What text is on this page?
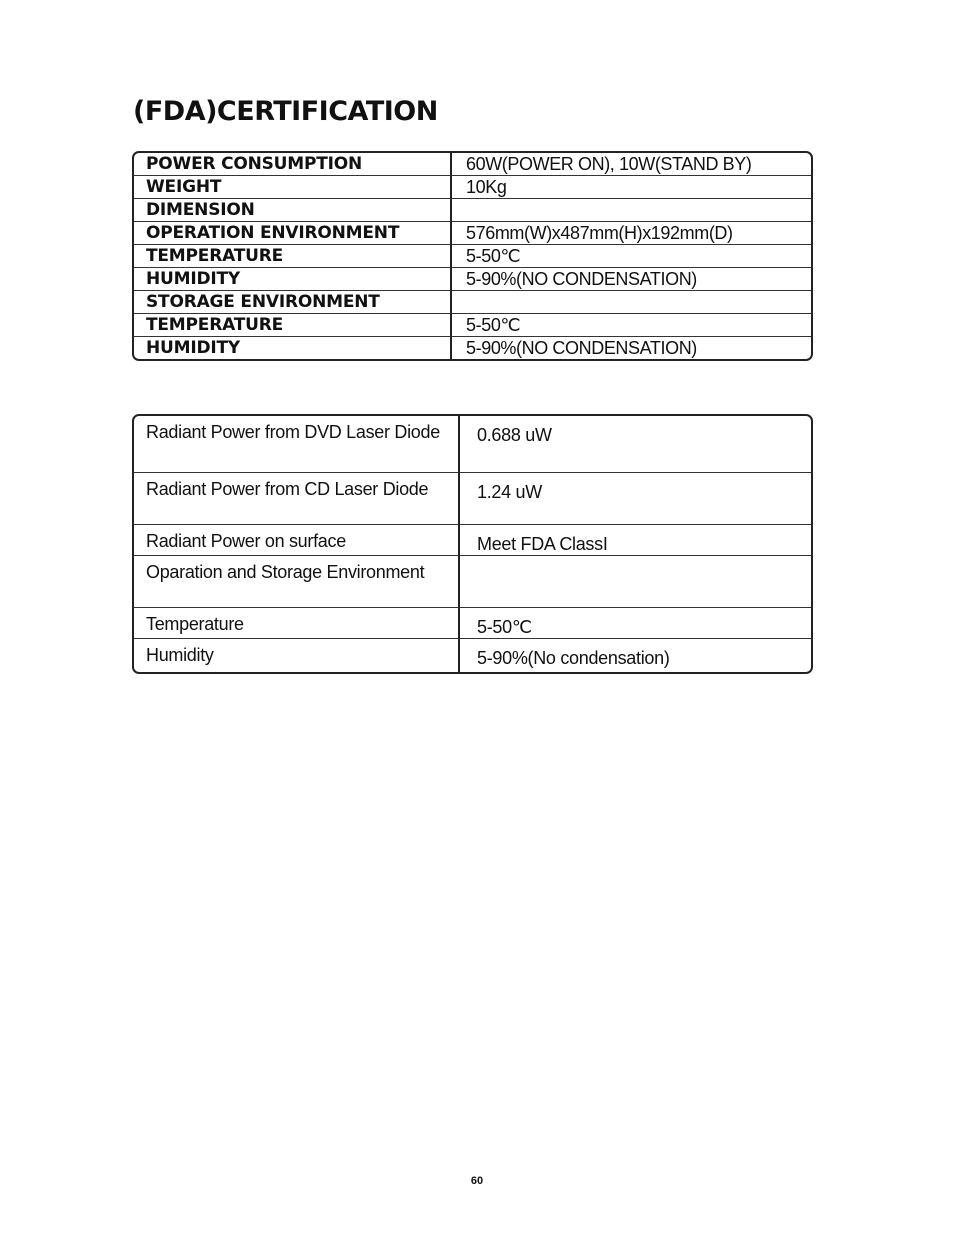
(FDA)CERTIFICATION
POWER CONSUMPTION	60W(POWER ON), 10W(STAND BY)
WEIGHT	10Kg
DIMENSION	
OPERATION ENVIRONMENT	576mm(W)x487mm(H)x192mm(D)
TEMPERATURE	5-50℃
HUMIDITY	5-90%(NO CONDENSATION)
STORAGE ENVIRONMENT	
TEMPERATURE	5-50℃
HUMIDITY	5-90%(NO CONDENSATION)
Radiant Power from DVD Laser Diode	0.688 uW
Radiant Power from CD Laser Diode	1.24 uW
Radiant Power on surface	Meet FDA ClassI
Oparation and Storage Environment	
Temperature	5-50℃
Humidity	5-90%(No condensation)
60
